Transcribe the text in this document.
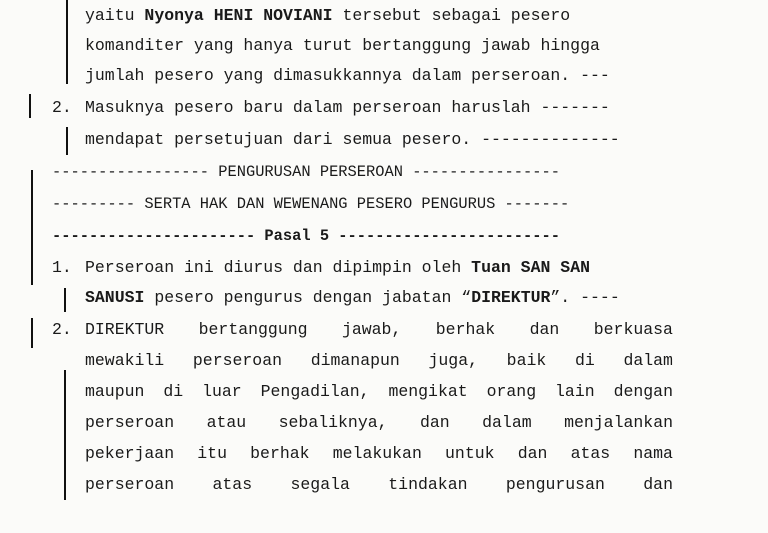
yaitu Nyonya HENI NOVIANI tersebut sebagai pesero

komanditer yang hanya turut bertanggung jawab hingga

jumlah pesero yang dimasukkannya dalam perseroan. ---

2.

Masuknya pesero baru dalam perseroan haruslah -------

mendapat persetujuan dari semua pesero. --------------

----------------- PENGURUSAN PERSEROAN ----------------

--------- SERTA HAK DAN WEWENANG PESERO PENGURUS -------

---------------------- Pasal 5 ------------------------

1.

Perseroan ini diurus dan dipimpin oleh Tuan SAN SAN

SANUSI pesero pengurus dengan jabatan “DIREKTUR”. ----

2.

DIREKTUR bertanggung jawab, berhak dan berkuasa

mewakili perseroan dimanapun juga, baik di dalam

maupun di luar Pengadilan, mengikat orang lain dengan

perseroan atau sebaliknya, dan dalam menjalankan

pekerjaan itu berhak melakukan untuk dan atas nama

perseroan atas segala tindakan pengurusan dan
